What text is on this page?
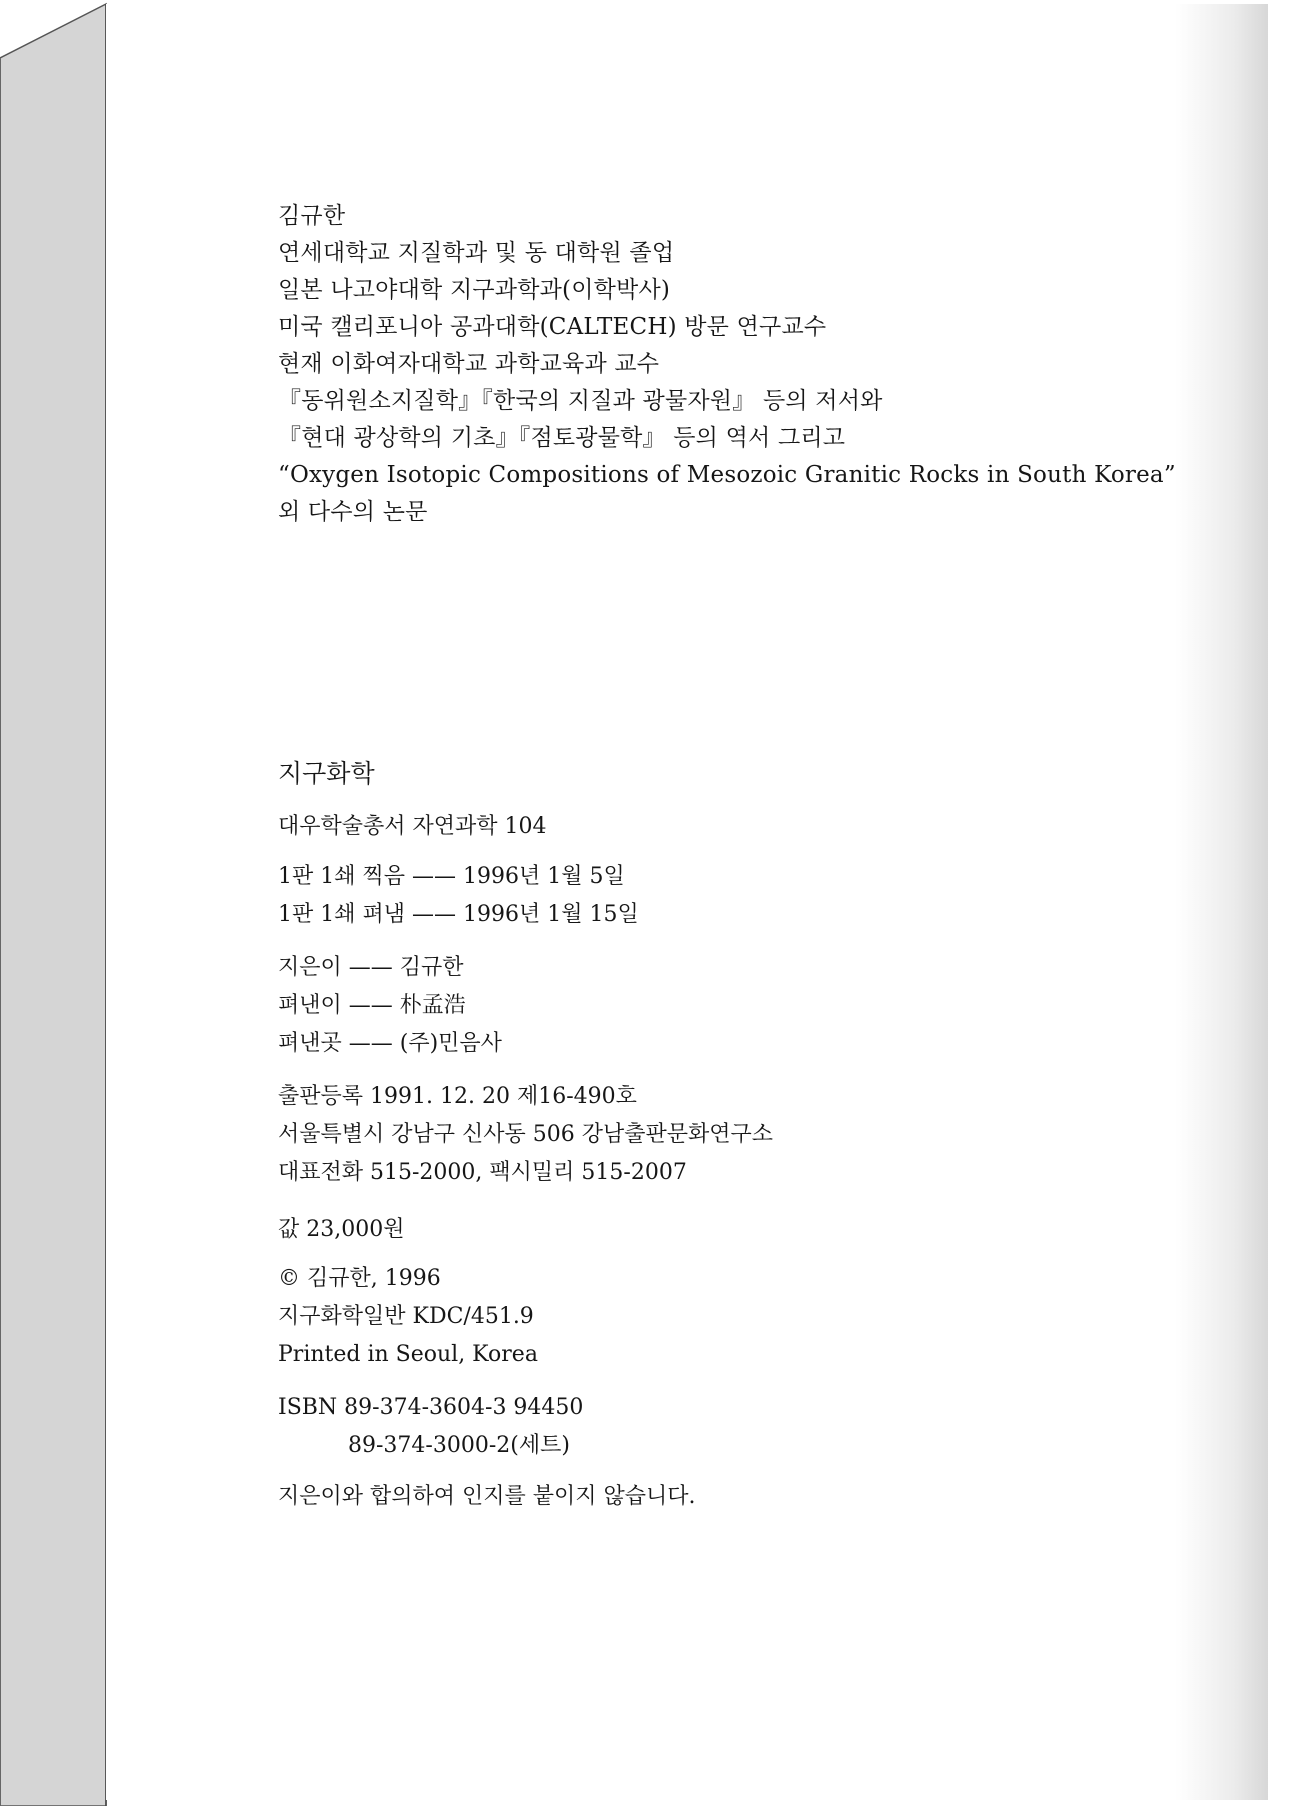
김규한
연세대학교 지질학과 및 동 대학원 졸업
일본 나고야대학 지구과학과(이학박사)
미국 캘리포니아 공과대학(CALTECH) 방문 연구교수
현재 이화여자대학교 과학교육과 교수
『동위원소지질학』『한국의 지질과 광물자원』 등의 저서와
『현대 광상학의 기초』『점토광물학』 등의 역서 그리고
“Oxygen Isotopic Compositions of Mesozoic Granitic Rocks in South Korea”
외 다수의 논문

지구화학

대우학술총서 자연과학 104
1판 1쇄 찍음 —— 1996년 1월 5일
1판 1쇄 펴냄 —— 1996년 1월 15일
지은이 —— 김규한
펴낸이 —— 朴孟浩
펴낸곳 —— (주)민음사
출판등록 1991. 12. 20 제16-490호
서울특별시 강남구 신사동 506 강남출판문화연구소
대표전화 515-2000, 팩시밀리 515-2007
값 23,000원
© 김규한, 1996
지구화학일반 KDC/451.9
Printed in Seoul, Korea
ISBN 89-374-3604-3 94450
89-374-3000-2(세트)
지은이와 합의하여 인지를 붙이지 않습니다.
